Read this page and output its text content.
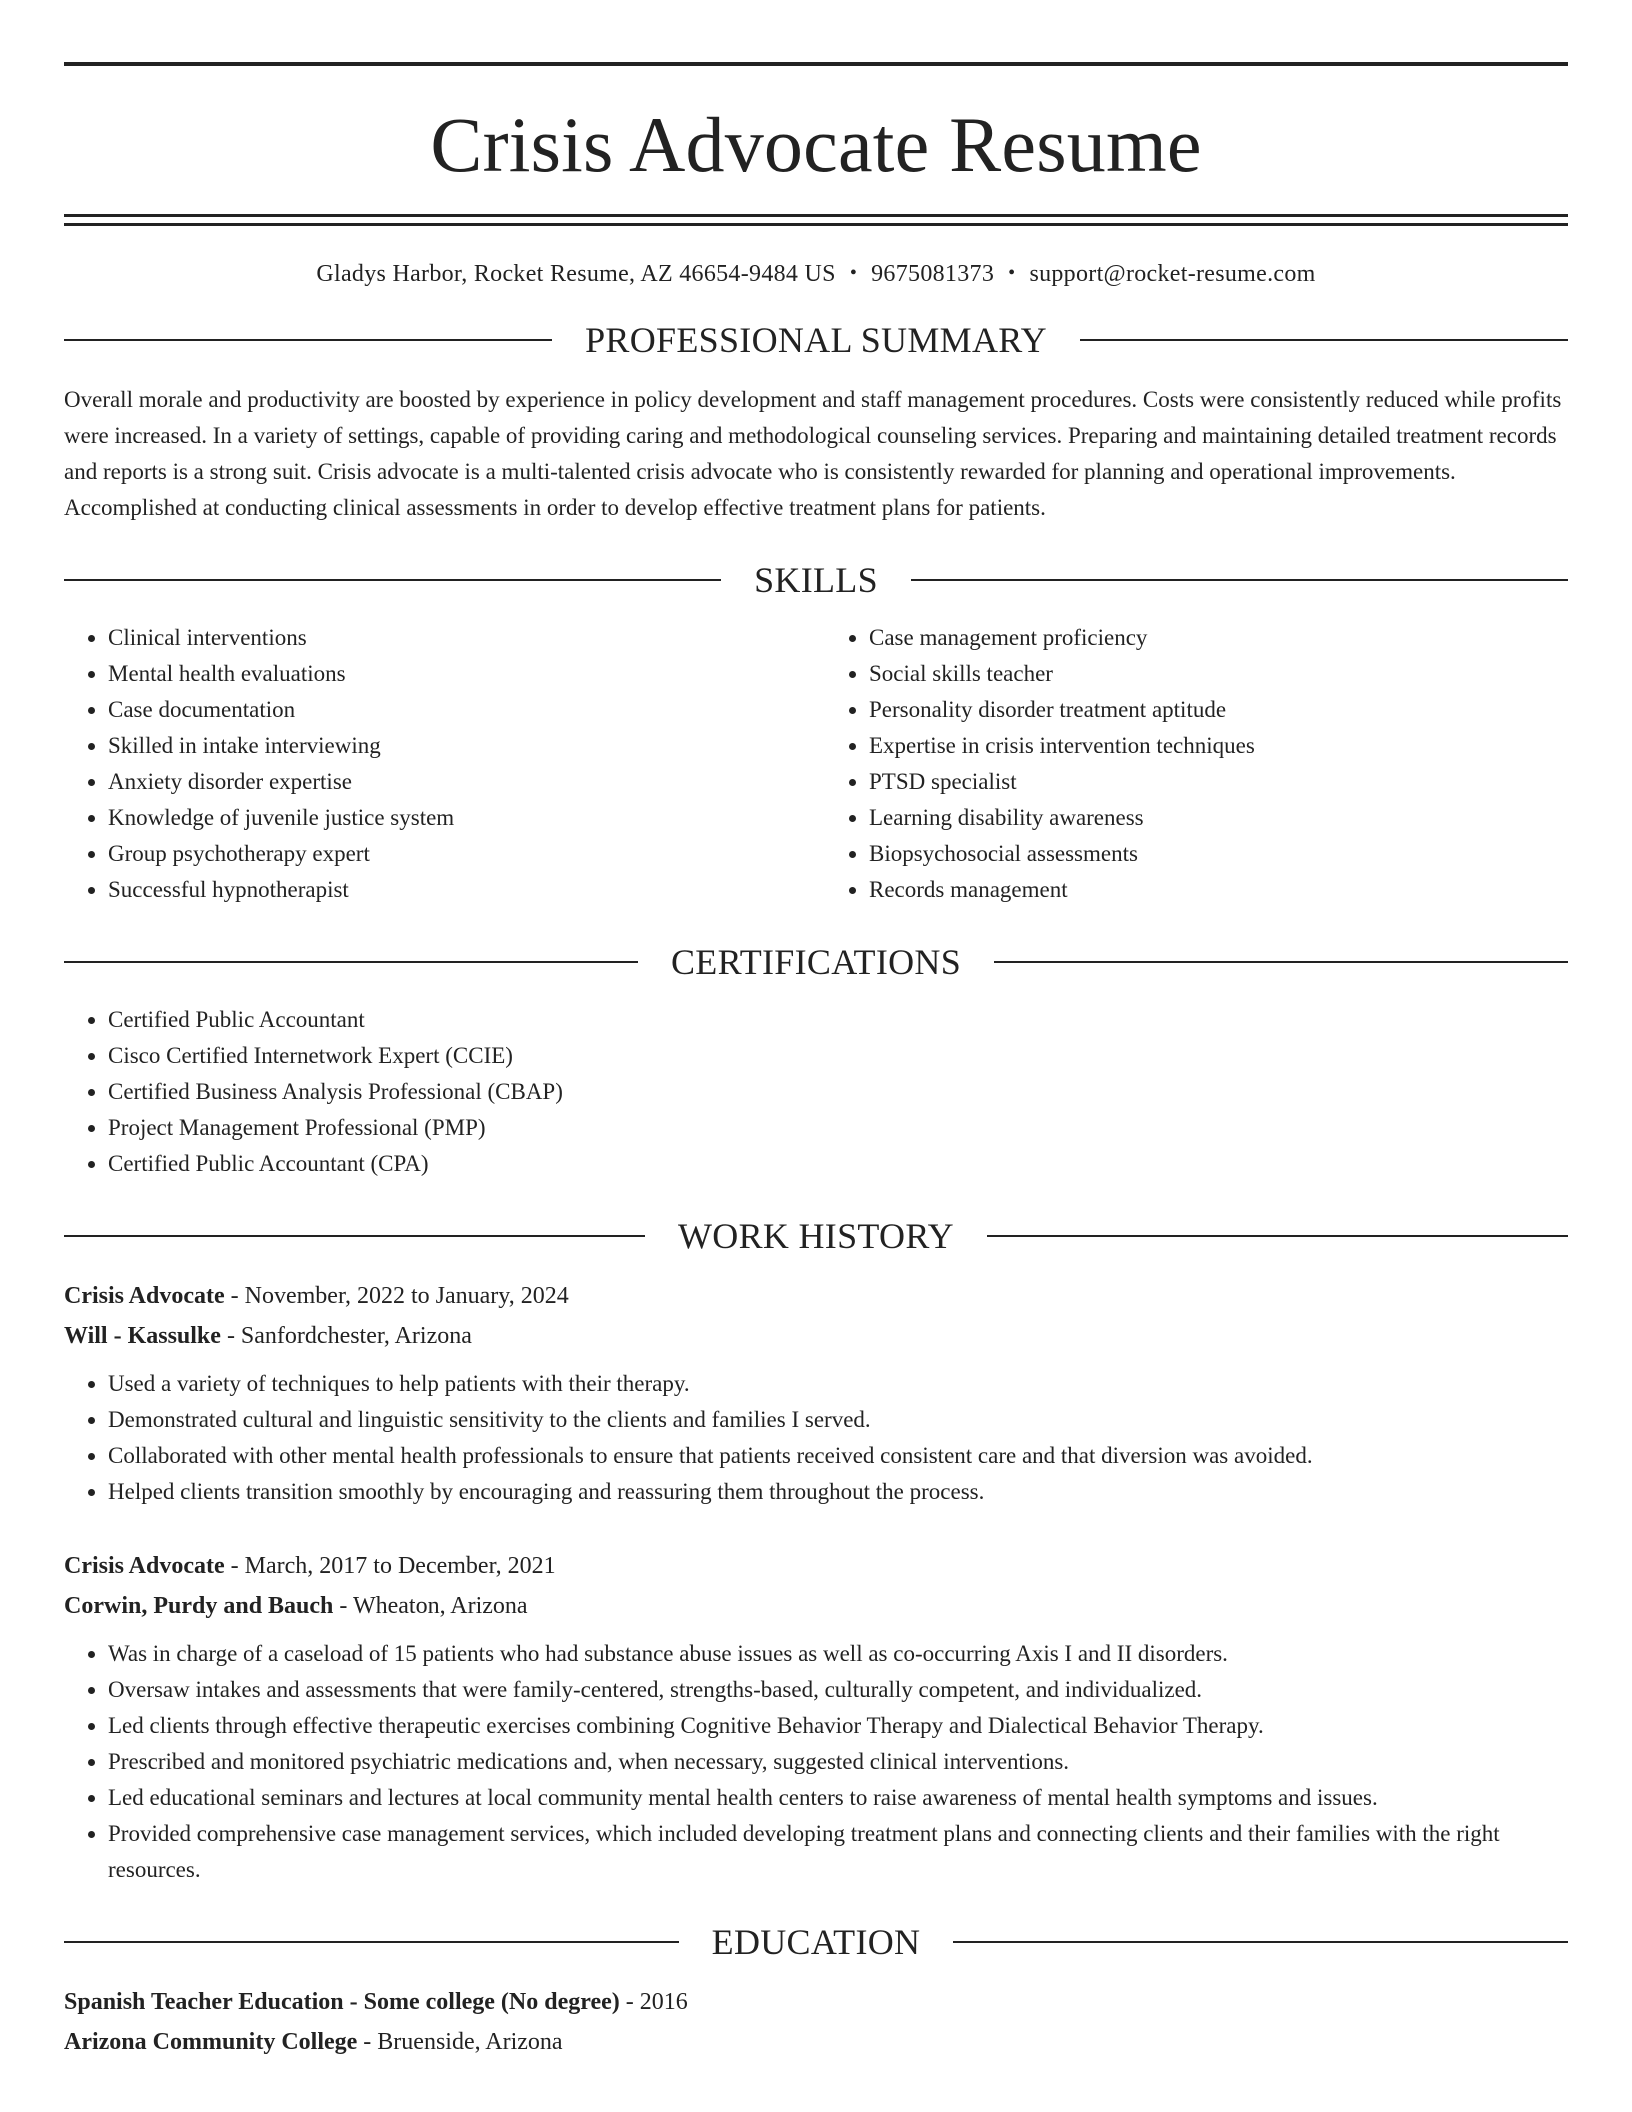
Crisis Advocate Resume
Gladys Harbor, Rocket Resume, AZ 46654-9484 US • 9675081373 • support@rocket-resume.com
PROFESSIONAL SUMMARY
Overall morale and productivity are boosted by experience in policy development and staff management procedures. Costs were consistently reduced while profits were increased. In a variety of settings, capable of providing caring and methodological counseling services. Preparing and maintaining detailed treatment records and reports is a strong suit. Crisis advocate is a multi-talented crisis advocate who is consistently rewarded for planning and operational improvements. Accomplished at conducting clinical assessments in order to develop effective treatment plans for patients.
SKILLS
• Clinical interventions
• Mental health evaluations
• Case documentation
• Skilled in intake interviewing
• Anxiety disorder expertise
• Knowledge of juvenile justice system
• Group psychotherapy expert
• Successful hypnotherapist
• Case management proficiency
• Social skills teacher
• Personality disorder treatment aptitude
• Expertise in crisis intervention techniques
• PTSD specialist
• Learning disability awareness
• Biopsychosocial assessments
• Records management
CERTIFICATIONS
• Certified Public Accountant
• Cisco Certified Internetwork Expert (CCIE)
• Certified Business Analysis Professional (CBAP)
• Project Management Professional (PMP)
• Certified Public Accountant (CPA)
WORK HISTORY
Crisis Advocate - November, 2022 to January, 2024
Will - Kassulke - Sanfordchester, Arizona
• Used a variety of techniques to help patients with their therapy.
• Demonstrated cultural and linguistic sensitivity to the clients and families I served.
• Collaborated with other mental health professionals to ensure that patients received consistent care and that diversion was avoided.
• Helped clients transition smoothly by encouraging and reassuring them throughout the process.
Crisis Advocate - March, 2017 to December, 2021
Corwin, Purdy and Bauch - Wheaton, Arizona
• Was in charge of a caseload of 15 patients who had substance abuse issues as well as co-occurring Axis I and II disorders.
• Oversaw intakes and assessments that were family-centered, strengths-based, culturally competent, and individualized.
• Led clients through effective therapeutic exercises combining Cognitive Behavior Therapy and Dialectical Behavior Therapy.
• Prescribed and monitored psychiatric medications and, when necessary, suggested clinical interventions.
• Led educational seminars and lectures at local community mental health centers to raise awareness of mental health symptoms and issues.
• Provided comprehensive case management services, which included developing treatment plans and connecting clients and their families with the right resources.
EDUCATION
Spanish Teacher Education - Some college (No degree) - 2016
Arizona Community College - Bruenside, Arizona
